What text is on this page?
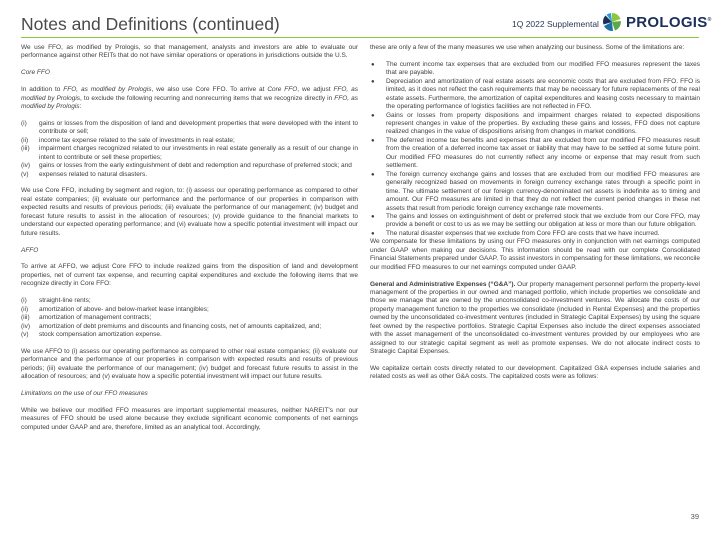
Notes and Definitions (continued)	1Q 2022 Supplemental PROLOGIS®

We use FFO, as modified by Prologis, so that management, analysts and investors are able to evaluate our performance against other REITs that do not have similar operations or operations in jurisdictions outside the U.S.

Core FFO

In addition to FFO, as modified by Prologis, we also use Core FFO. To arrive at Core FFO, we adjust FFO, as modified by Prologis, to exclude the following recurring and nonrecurring items that we recognize directly in FFO, as modified by Prologis:

(i)	gains or losses from the disposition of land and development properties that were developed with the intent to contribute or sell;
(ii)	income tax expense related to the sale of investments in real estate;
(iii)	impairment charges recognized related to our investments in real estate generally as a result of our change in intent to contribute or sell these properties;
(iv)	gains or losses from the early extinguishment of debt and redemption and repurchase of preferred stock; and
(v)	expenses related to natural disasters.

We use Core FFO, including by segment and region, to: (i) assess our operating performance as compared to other real estate companies; (ii) evaluate our performance and the performance of our properties in comparison with expected results and results of previous periods; (iii) evaluate the performance of our management; (iv) budget and forecast future results to assist in the allocation of resources; (v) provide guidance to the financial markets to understand our expected operating performance; and (vi) evaluate how a specific potential investment will impact our future results.

AFFO

To arrive at AFFO, we adjust Core FFO to include realized gains from the disposition of land and development properties, net of current tax expense, and recurring capital expenditures and exclude the following items that we recognize directly in Core FFO:

(i)	straight-line rents;
(ii)	amortization of above- and below-market lease intangibles;
(iii)	amortization of management contracts;
(iv)	amortization of debt premiums and discounts and financing costs, net of amounts capitalized, and;
(v)	stock compensation amortization expense.

We use AFFO to (i) assess our operating performance as compared to other real estate companies; (ii) evaluate our performance and the performance of our properties in comparison with expected results and results of previous periods; (iii) evaluate the performance of our management; (iv) budget and forecast future results to assist in the allocation of resources; and (v) evaluate how a specific potential investment will impact our future results.

Limitations on the use of our FFO measures

While we believe our modified FFO measures are important supplemental measures, neither NAREIT's nor our measures of FFO should be used alone because they exclude significant economic components of net earnings computed under GAAP and are, therefore, limited as an analytical tool. Accordingly,

these are only a few of the many measures we use when analyzing our business. Some of the limitations are:

●	The current income tax expenses that are excluded from our modified FFO measures represent the taxes that are payable.
●	Depreciation and amortization of real estate assets are economic costs that are excluded from FFO. FFO is limited, as it does not reflect the cash requirements that may be necessary for future replacements of the real estate assets. Furthermore, the amortization of capital expenditures and leasing costs necessary to maintain the operating performance of logistics facilities are not reflected in FFO.
●	Gains or losses from property dispositions and impairment charges related to expected dispositions represent changes in value of the properties. By excluding these gains and losses, FFO does not capture realized changes in the value of dispositions arising from changes in market conditions.
●	The deferred income tax benefits and expenses that are excluded from our modified FFO measures result from the creation of a deferred income tax asset or liability that may have to be settled at some future point. Our modified FFO measures do not currently reflect any income or expense that may result from such settlement.
●	The foreign currency exchange gains and losses that are excluded from our modified FFO measures are generally recognized based on movements in foreign currency exchange rates through a specific point in time. The ultimate settlement of our foreign currency-denominated net assets is indefinite as to timing and amount. Our FFO measures are limited in that they do not reflect the current period changes in these net assets that result from periodic foreign currency exchange rate movements.
●	The gains and losses on extinguishment of debt or preferred stock that we exclude from our Core FFO, may provide a benefit or cost to us as we may be settling our obligation at less or more than our future obligation.
●	The natural disaster expenses that we exclude from Core FFO are costs that we have incurred.

We compensate for these limitations by using our FFO measures only in conjunction with net earnings computed under GAAP when making our decisions. This information should be read with our complete Consolidated Financial Statements prepared under GAAP. To assist investors in compensating for these limitations, we reconcile our modified FFO measures to our net earnings computed under GAAP.

General and Administrative Expenses (“G&A”). Our property management personnel perform the property-level management of the properties in our owned and managed portfolio, which include properties we consolidate and those we manage that are owned by the unconsolidated co-investment ventures. We allocate the costs of our property management function to the properties we consolidate (included in Rental Expenses) and the properties owned by the unconsolidated co-investment ventures (included in Strategic Capital Expenses) by using the square feet owned by the respective portfolios. Strategic Capital Expenses also include the direct expenses associated with the asset management of the unconsolidated co-investment ventures provided by our employees who are assigned to our strategic capital segment as well as promote expenses. We do not allocate indirect costs to Strategic Capital Expenses.

We capitalize certain costs directly related to our development. Capitalized G&A expenses include salaries and related costs as well as other G&A costs. The capitalized costs were as follows:

39
